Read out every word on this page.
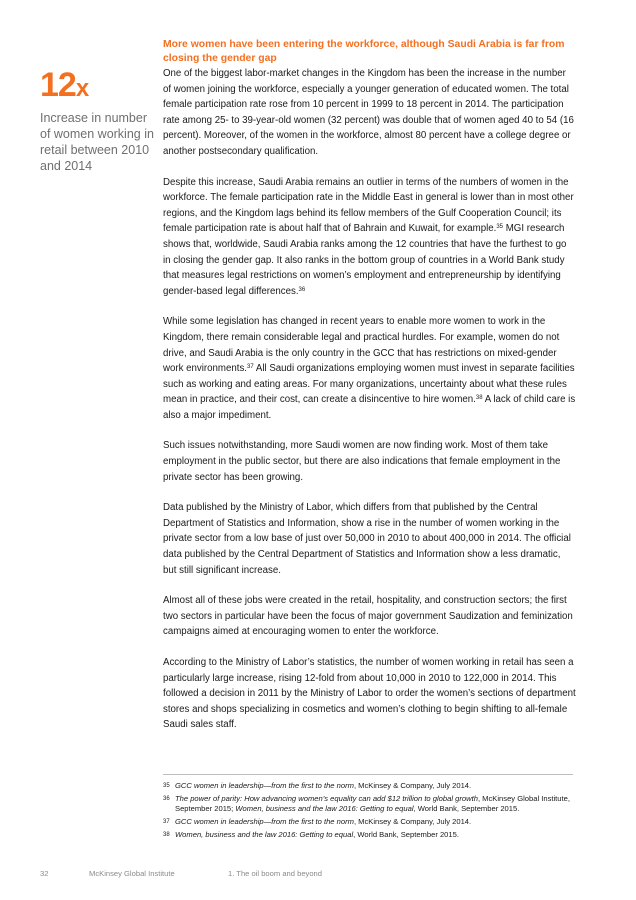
12x
Increase in number of women working in retail between 2010 and 2014

More women have been entering the workforce, although Saudi Arabia is far from closing the gender gap

One of the biggest labor-market changes in the Kingdom has been the increase in the number of women joining the workforce, especially a younger generation of educated women. The total female participation rate rose from 10 percent in 1999 to 18 percent in 2014. The participation rate among 25- to 39-year-old women (32 percent) was double that of women aged 40 to 54 (16 percent). Moreover, of the women in the workforce, almost 80 percent have a college degree or another postsecondary qualification.

Despite this increase, Saudi Arabia remains an outlier in terms of the numbers of women in the workforce. The female participation rate in the Middle East in general is lower than in most other regions, and the Kingdom lags behind its fellow members of the Gulf Cooperation Council; its female participation rate is about half that of Bahrain and Kuwait, for example.$^{35}$ MGI research shows that, worldwide, Saudi Arabia ranks among the 12 countries that have the furthest to go in closing the gender gap. It also ranks in the bottom group of countries in a World Bank study that measures legal restrictions on women’s employment and entrepreneurship by identifying gender-based legal differences.$^{36}$

While some legislation has changed in recent years to enable more women to work in the Kingdom, there remain considerable legal and practical hurdles. For example, women do not drive, and Saudi Arabia is the only country in the GCC that has restrictions on mixed-gender work environments.$^{37}$ All Saudi organizations employing women must invest in separate facilities such as working and eating areas. For many organizations, uncertainty about what these rules mean in practice, and their cost, can create a disincentive to hire women.$^{38}$ A lack of child care is also a major impediment.

Such issues notwithstanding, more Saudi women are now finding work. Most of them take employment in the public sector, but there are also indications that female employment in the private sector has been growing.

Data published by the Ministry of Labor, which differs from that published by the Central Department of Statistics and Information, show a rise in the number of women working in the private sector from a low base of just over 50,000 in 2010 to about 400,000 in 2014. The official data published by the Central Department of Statistics and Information show a less dramatic, but still significant increase.

Almost all of these jobs were created in the retail, hospitality, and construction sectors; the first two sectors in particular have been the focus of major government Saudization and feminization campaigns aimed at encouraging women to enter the workforce.

According to the Ministry of Labor’s statistics, the number of women working in retail has seen a particularly large increase, rising 12-fold from about 10,000 in 2010 to 122,000 in 2014. This followed a decision in 2011 by the Ministry of Labor to order the women’s sections of department stores and shops specializing in cosmetics and women’s clothing to begin shifting to all-female Saudi sales staff.

35 GCC women in leadership—from the first to the norm, McKinsey & Company, July 2014.
36 The power of parity: How advancing women’s equality can add $12 trillion to global growth, McKinsey Global Institute, September 2015; Women, business and the law 2016: Getting to equal, World Bank, September 2015.
37 GCC women in leadership—from the first to the norm, McKinsey & Company, July 2014.
38 Women, business and the law 2016: Getting to equal, World Bank, September 2015.
32	McKinsey Global Institute	1. The oil boom and beyond
